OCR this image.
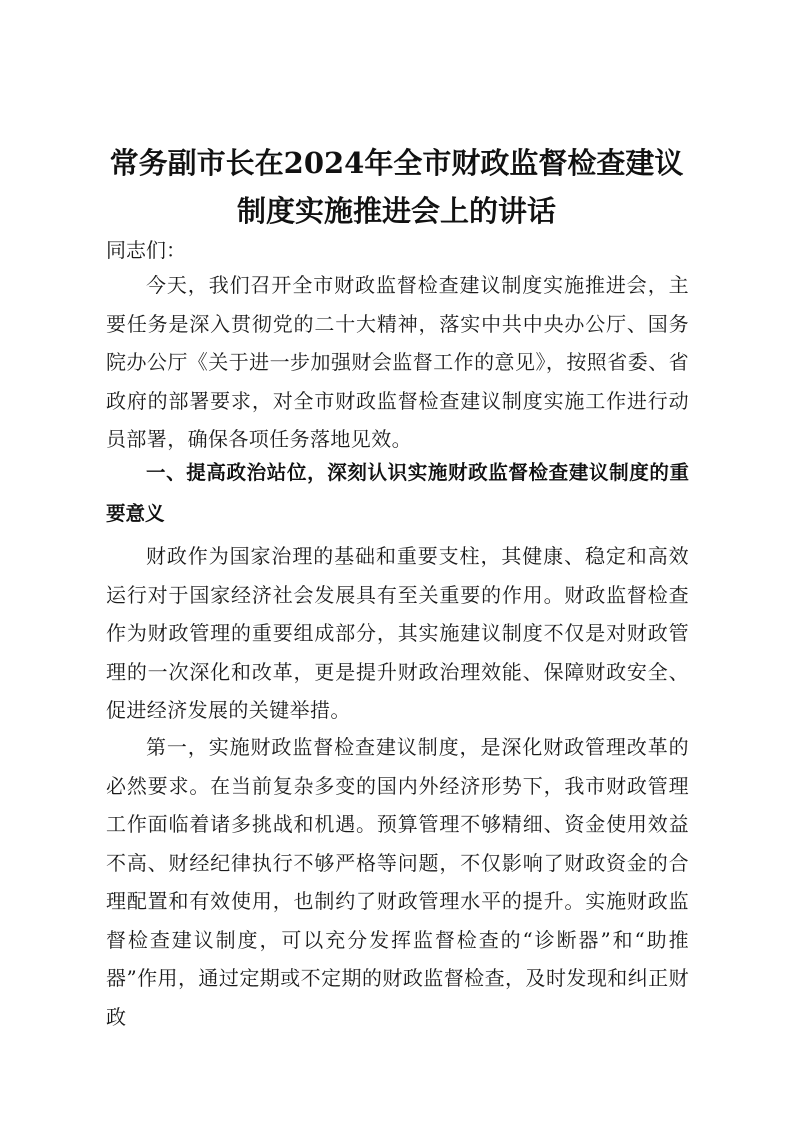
常务副市长在2024年全市财政监督检查建议
制度实施推进会上的讲话

同志们：

今天，我们召开全市财政监督检查建议制度实施推进会，主要任务是深入贯彻党的二十大精神，落实中共中央办公厅、国务院办公厅《关于进一步加强财会监督工作的意见》，按照省委、省政府的部署要求，对全市财政监督检查建议制度实施工作进行动员部署，确保各项任务落地见效。

一、提高政治站位，深刻认识实施财政监督检查建议制度的重要意义

财政作为国家治理的基础和重要支柱，其健康、稳定和高效运行对于国家经济社会发展具有至关重要的作用。财政监督检查作为财政管理的重要组成部分，其实施建议制度不仅是对财政管理的一次深化和改革，更是提升财政治理效能、保障财政安全、促进经济发展的关键举措。

第一，实施财政监督检查建议制度，是深化财政管理改革的必然要求。在当前复杂多变的国内外经济形势下，我市财政管理工作面临着诸多挑战和机遇。预算管理不够精细、资金使用效益不高、财经纪律执行不够严格等问题，不仅影响了财政资金的合理配置和有效使用，也制约了财政管理水平的提升。实施财政监督检查建议制度，可以充分发挥监督检查的“诊断器”和“助推器”作用，通过定期或不定期的财政监督检查，及时发现和纠正财政
